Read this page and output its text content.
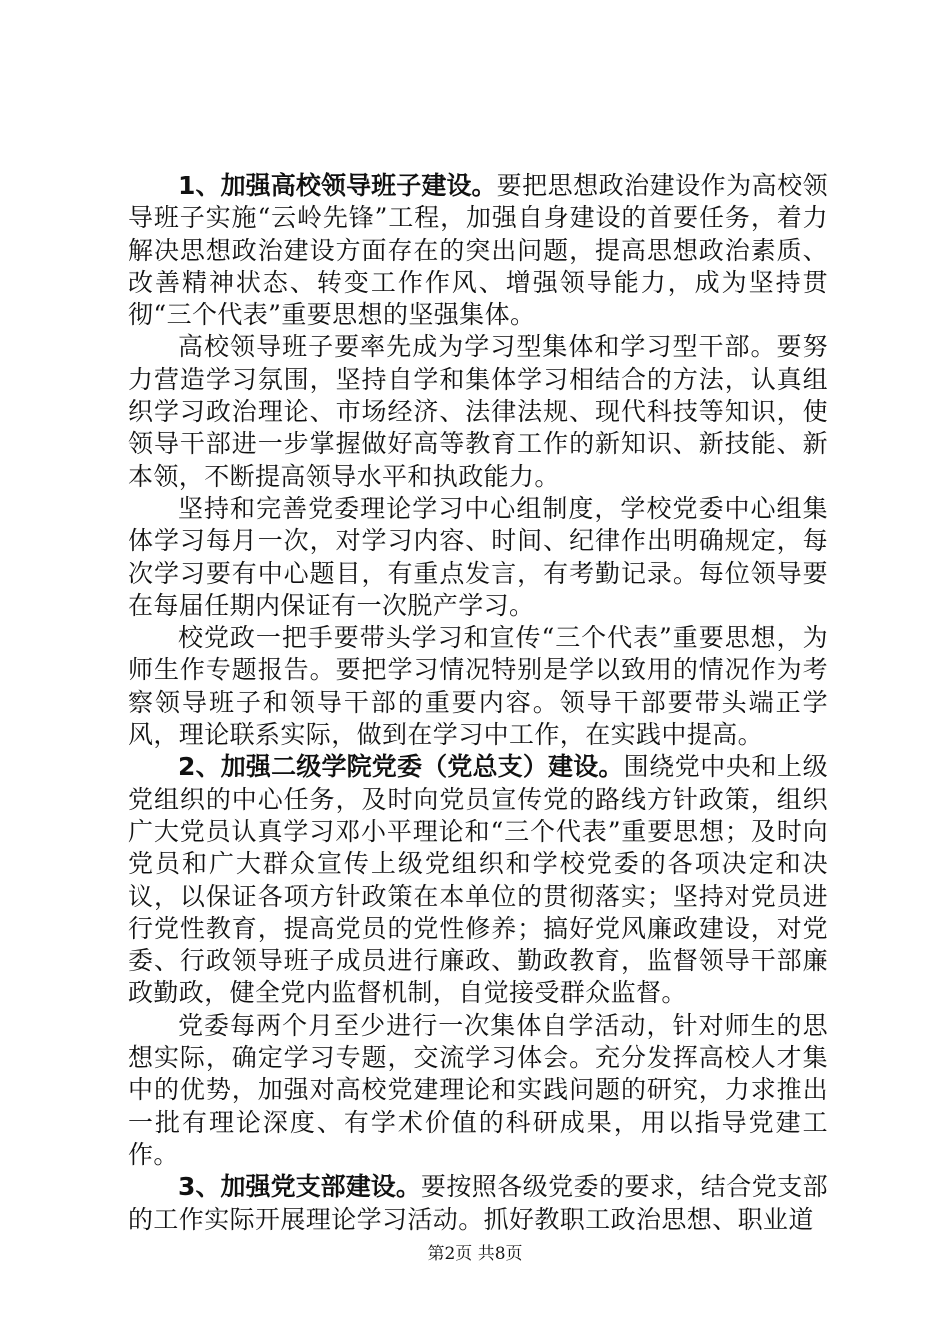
1、加强高校领导班子建设。要把思想政治建设作为高校领导班子实施“云岭先锋”工程，加强自身建设的首要任务，着力解决思想政治建设方面存在的突出问题，提高思想政治素质、改善精神状态、转变工作作风、增强领导能力，成为坚持贯彻“三个代表”重要思想的坚强集体。

高校领导班子要率先成为学习型集体和学习型干部。要努力营造学习氛围，坚持自学和集体学习相结合的方法，认真组织学习政治理论、市场经济、法律法规、现代科技等知识，使领导干部进一步掌握做好高等教育工作的新知识、新技能、新本领，不断提高领导水平和执政能力。

坚持和完善党委理论学习中心组制度，学校党委中心组集体学习每月一次，对学习内容、时间、纪律作出明确规定，每次学习要有中心题目，有重点发言，有考勤记录。每位领导要在每届任期内保证有一次脱产学习。

校党政一把手要带头学习和宣传“三个代表”重要思想，为师生作专题报告。要把学习情况特别是学以致用的情况作为考察领导班子和领导干部的重要内容。领导干部要带头端正学风，理论联系实际，做到在学习中工作，在实践中提高。

2、加强二级学院党委（党总支）建设。围绕党中央和上级党组织的中心任务，及时向党员宣传党的路线方针政策，组织广大党员认真学习邓小平理论和“三个代表”重要思想；及时向党员和广大群众宣传上级党组织和学校党委的各项决定和决议，以保证各项方针政策在本单位的贯彻落实；坚持对党员进行党性教育，提高党员的党性修养；搞好党风廉政建设，对党委、行政领导班子成员进行廉政、勤政教育，监督领导干部廉政勤政，健全党内监督机制，自觉接受群众监督。

党委每两个月至少进行一次集体自学活动，针对师生的思想实际，确定学习专题，交流学习体会。充分发挥高校人才集中的优势，加强对高校党建理论和实践问题的研究，力求推出一批有理论深度、有学术价值的科研成果，用以指导党建工作。

3、加强党支部建设。要按照各级党委的要求，结合党支部的工作实际开展理论学习活动。抓好教职工政治思想、职业道

第2页 共8页
